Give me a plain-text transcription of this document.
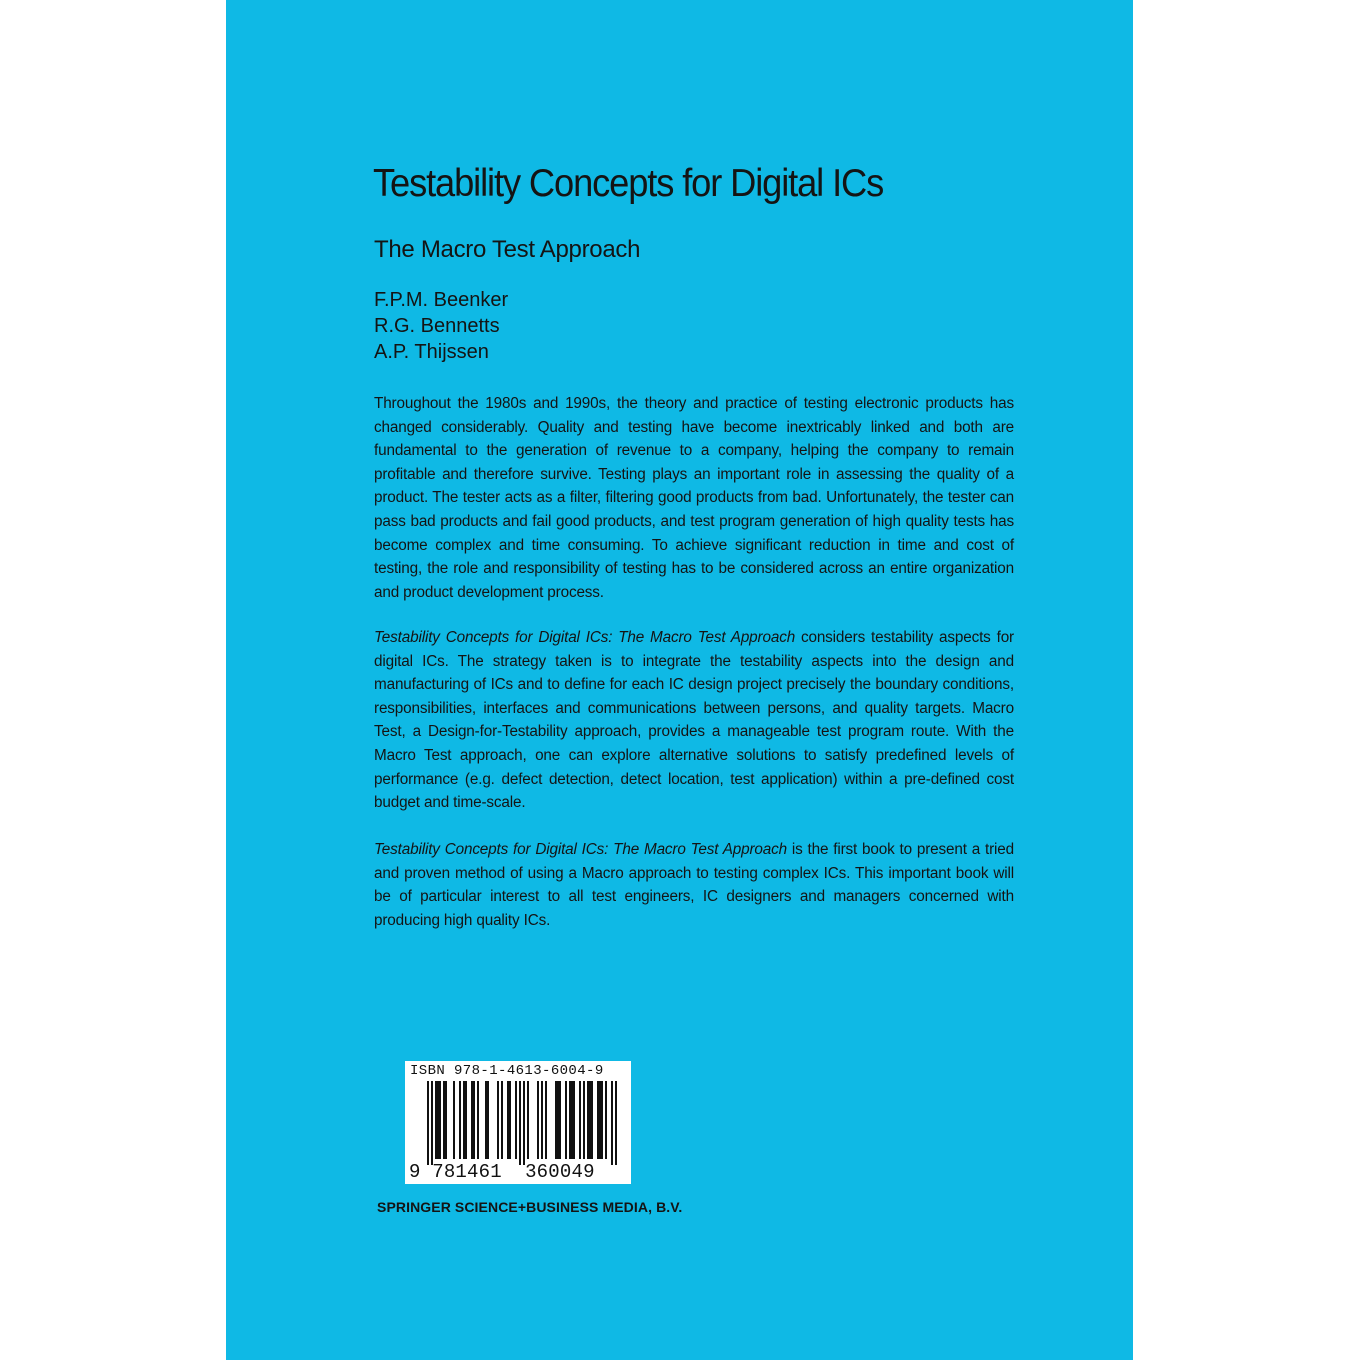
Testability Concepts for Digital ICs
The Macro Test Approach
F.P.M. Beenker
R.G. Bennetts
A.P. Thijssen

Throughout the 1980s and 1990s, the theory and practice of testing electronic products has changed considerably. Quality and testing have become inextricably linked and both are fundamental to the generation of revenue to a company, helping the company to remain profitable and therefore survive. Testing plays an important role in assessing the quality of a product. The tester acts as a filter, filtering good products from bad. Unfortunately, the tester can pass bad products and fail good products, and test program generation of high quality tests has become complex and time consuming. To achieve significant reduction in time and cost of testing, the role and responsibility of testing has to be considered across an entire organization and product development process.

Testability Concepts for Digital ICs: The Macro Test Approach considers testability aspects for digital ICs. The strategy taken is to integrate the testability aspects into the design and manufacturing of ICs and to define for each IC design project precisely the boundary conditions, responsibilities, interfaces and communications between persons, and quality targets. Macro Test, a Design-for-Testability approach, provides a manageable test program route. With the Macro Test approach, one can explore alternative solutions to satisfy predefined levels of performance (e.g. defect detection, detect location, test application) within a pre-defined cost budget and time-scale.

Testability Concepts for Digital ICs: The Macro Test Approach is the first book to present a tried and proven method of using a Macro approach to testing complex ICs. This important book will be of particular interest to all test engineers, IC designers and managers concerned with producing high quality ICs.

ISBN 978-1-4613-6004-9
9 781461 360049
SPRINGER SCIENCE+BUSINESS MEDIA, B.V.
